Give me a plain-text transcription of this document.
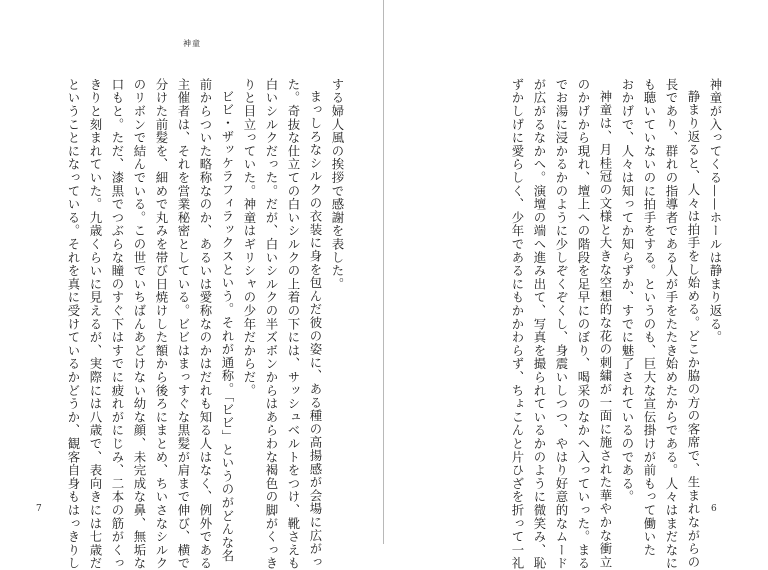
神童
する婦人風の挨拶で感謝を表した。
まっしろなシルクの衣装に身を包んだ彼の姿に、ある種の高揚感が会場に広がっ
た。奇抜な仕立ての白いシルクの上着の下には、サッシュベルトをつけ、靴さえも
白いシルクだった。だが、白いシルクの半ズボンからはあらわな褐色の脚がくっき
りと目立っていた。神童はギリシャの少年だからだ。
ビビ・ザッケラフィラックスという。それが通称。「ビビ」というのがどんな名
前からついた略称なのか、あるいは愛称なのかはだれも知る人はなく、例外である
主催者は、それを営業秘密としている。ビビはまっすぐな黒髪が肩まで伸び、横で
分けた前髪を、細めで丸みを帯び日焼けした額から後ろにまとめ、ちいさなシルク
のリボンで結んでいる。この世でいちばんあどけない幼な顔、未完成な鼻、無垢な
口もと。ただ、漆黒でつぶらな瞳のすぐ下はすでに疲れがにじみ、二本の筋がくっ
きりと刻まれていた。九歳くらいに見えるが、実際には八歳で、表向きには七歳だ
ということになっている。それを真に受けているかどうか、観客自身もはっきりし
7
神童が入ってくる——ホールは静まり返る。
静まり返ると、人々は拍手をし始める。どこか脇の方の客席で、生まれながらの
長であり、群れの指導者である人が手をたたき始めたからである。人々はまだなに
も聴いていないのに拍手をする。というのも、巨大な宣伝掛けが前もって働いた
おかげで、人々は知ってか知らずか、すでに魅了されているのである。
神童は、月桂冠の文様と大きな空想的な花の刺繍が一面に施された華やかな衝立
のかげから現れ、壇上への階段を足早にのぼり、喝采のなかへ入っていった。まる
でお湯に浸かるかのように少しぞくぞくし、身震いしつつ、やはり好意的なムード
が広がるなかへ。演壇の端へ進み出て、写真を撮られているかのように微笑み、恥
ずかしげに愛らしく、少年であるにもかかわらず、ちょこんと片ひざを折って一礼	6
